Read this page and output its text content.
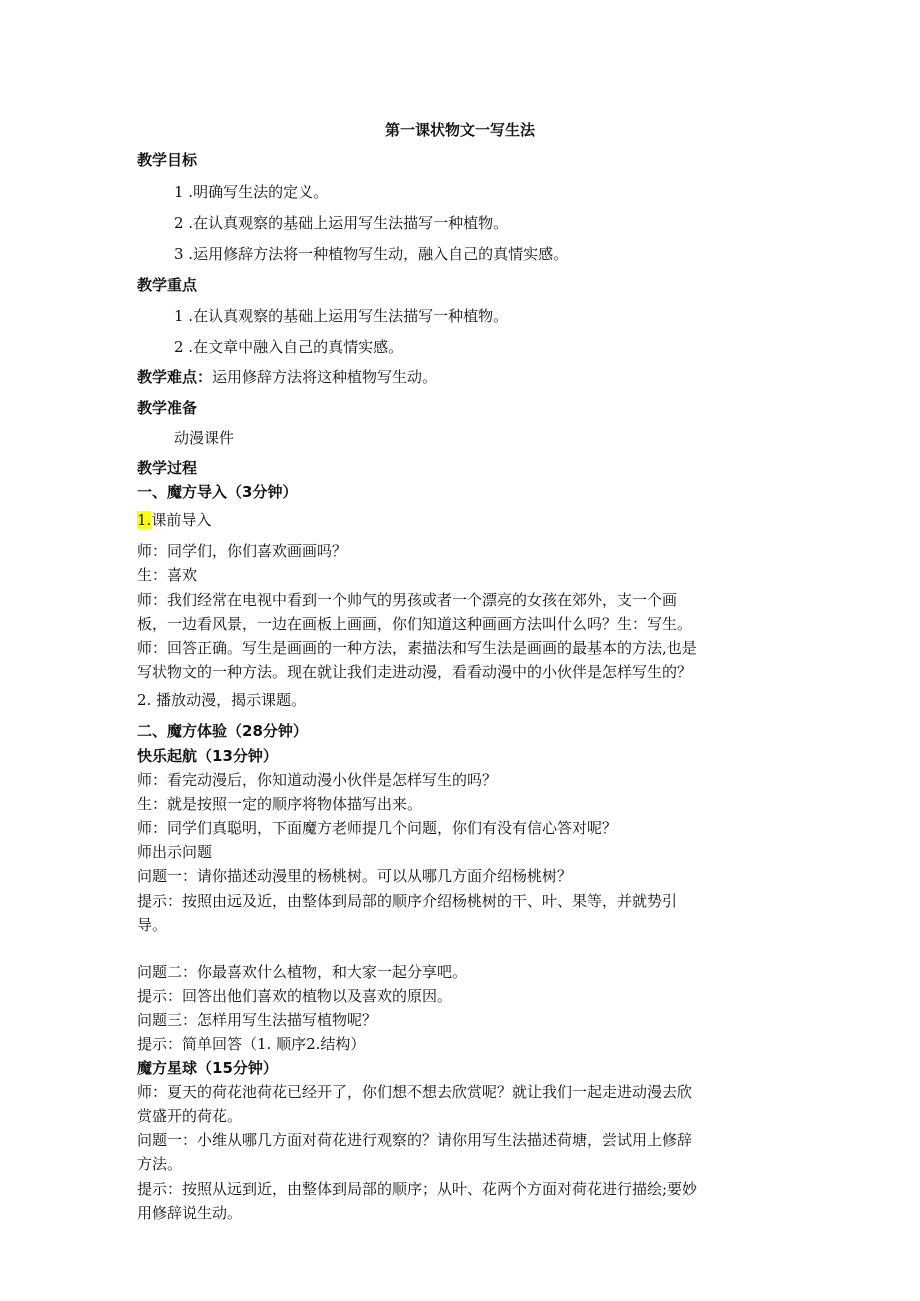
第一课状物文一写生法

教学目标

1 .明确写生法的定义。

2 .在认真观察的基础上运用写生法描写一种植物。

3 .运用修辞方法将一种植物写生动，融入自己的真情实感。

教学重点

1 .在认真观察的基础上运用写生法描写一种植物。

2 .在文章中融入自己的真情实感。

教学难点：运用修辞方法将这种植物写生动。

教学准备

动漫课件

教学过程

一、魔方导入（3分钟）

1.课前导入

师：同学们，你们喜欢画画吗？

生：喜欢

师：我们经常在电视中看到一个帅气的男孩或者一个漂亮的女孩在郊外，支一个画

板，一边看风景，一边在画板上画画，你们知道这种画画方法叫什么吗？生：写生。

师：回答正确。写生是画画的一种方法，素描法和写生法是画画的最基本的方法,也是

写状物文的一种方法。现在就让我们走进动漫，看看动漫中的小伙伴是怎样写生的？

2. 播放动漫，揭示课题。

二、魔方体验（28分钟）

快乐起航（13分钟）

师：看完动漫后，你知道动漫小伙伴是怎样写生的吗？

生：就是按照一定的顺序将物体描写出来。

师：同学们真聪明，下面魔方老师提几个问题，你们有没有信心答对呢？

师出示问题

问题一：请你描述动漫里的杨桃树。可以从哪几方面介绍杨桃树？

提示：按照由远及近，由整体到局部的顺序介绍杨桃树的干、叶、果等，并就势引

导。

问题二：你最喜欢什么植物，和大家一起分享吧。

提示：回答出他们喜欢的植物以及喜欢的原因。

问题三：怎样用写生法描写植物呢？

提示：简单回答（1. 顺序2.结构）

魔方星球（15分钟）

师：夏天的荷花池荷花已经开了，你们想不想去欣赏呢？就让我们一起走进动漫去欣

赏盛开的荷花。

问题一：小维从哪几方面对荷花进行观察的？请你用写生法描述荷塘，尝试用上修辞

方法。

提示：按照从远到近，由整体到局部的顺序；从叶、花两个方面对荷花进行描绘;要妙

用修辞说生动。
